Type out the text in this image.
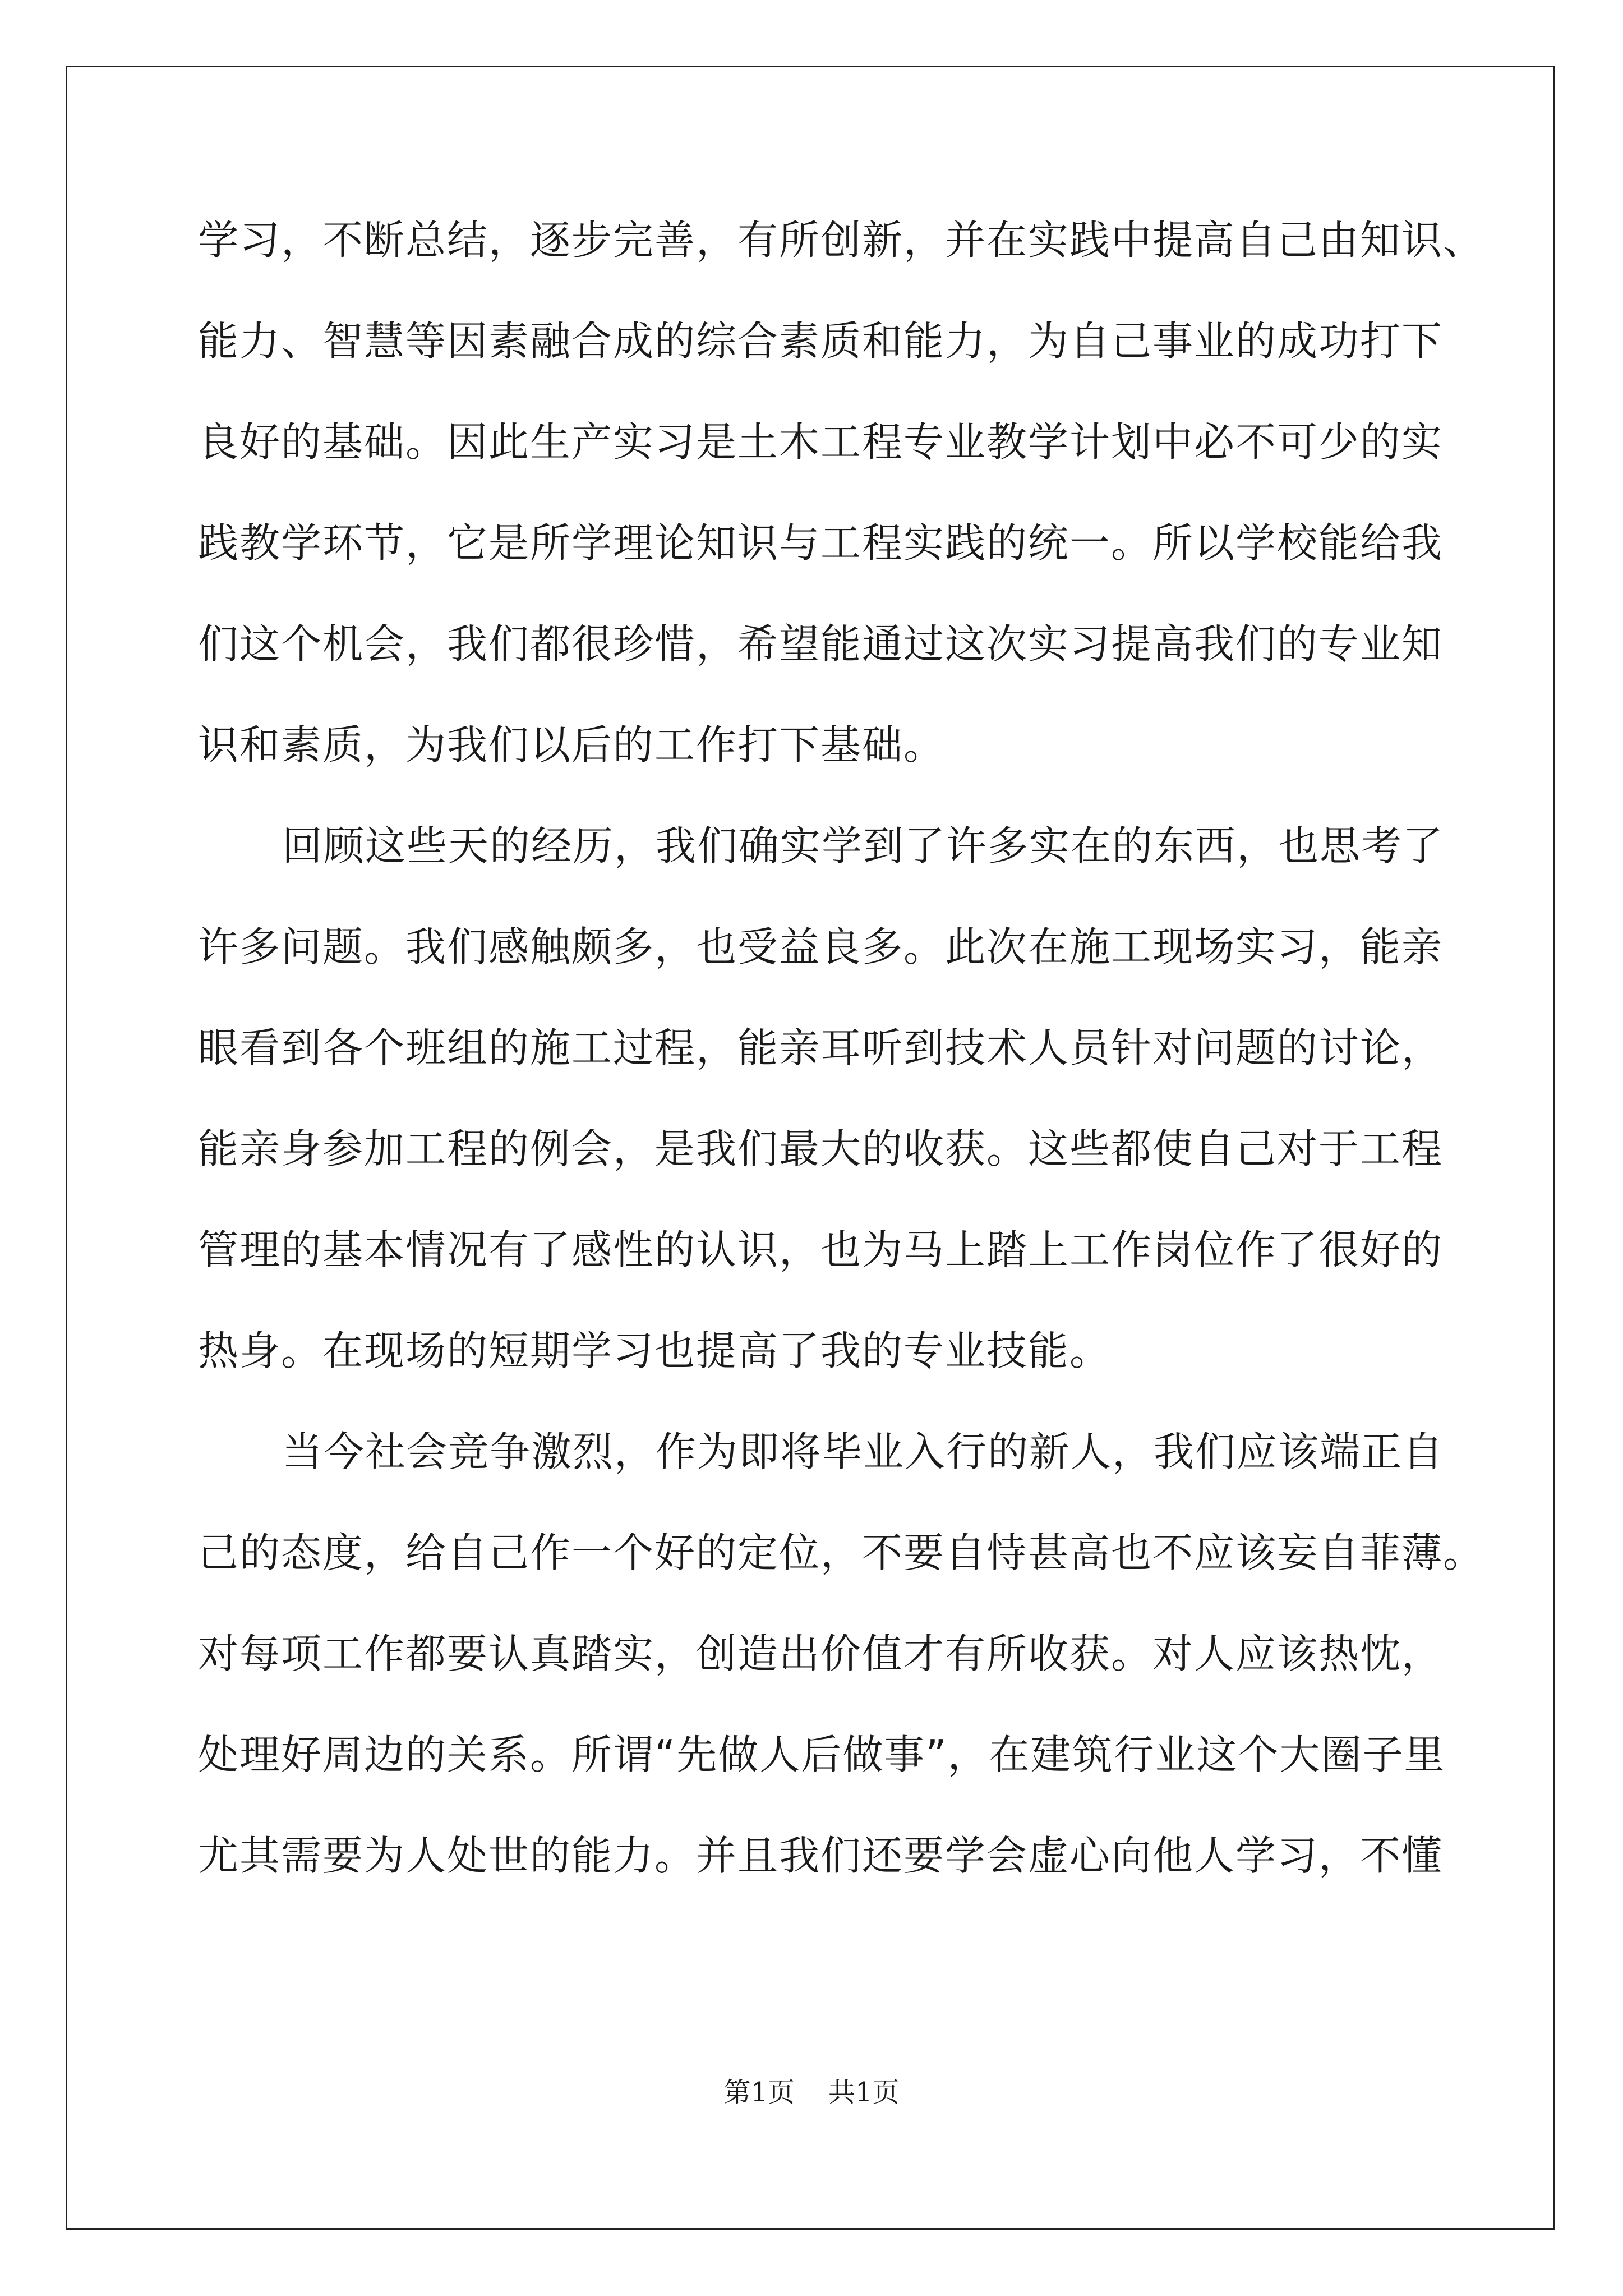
学习，不断总结，逐步完善，有所创新，并在实践中提高自己由知识、
能力、智慧等因素融合成的综合素质和能力，为自己事业的成功打下
良好的基础。因此生产实习是土木工程专业教学计划中必不可少的实
践教学环节，它是所学理论知识与工程实践的统一。所以学校能给我
们这个机会，我们都很珍惜，希望能通过这次实习提高我们的专业知
识和素质，为我们以后的工作打下基础。
回顾这些天的经历，我们确实学到了许多实在的东西，也思考了
许多问题。我们感触颇多，也受益良多。此次在施工现场实习，能亲
眼看到各个班组的施工过程，能亲耳听到技术人员针对问题的讨论，
能亲身参加工程的例会，是我们最大的收获。这些都使自己对于工程
管理的基本情况有了感性的认识，也为马上踏上工作岗位作了很好的
热身。在现场的短期学习也提高了我的专业技能。
当今社会竞争激烈，作为即将毕业入行的新人，我们应该端正自
己的态度，给自己作一个好的定位，不要自恃甚高也不应该妄自菲薄。
对每项工作都要认真踏实，创造出价值才有所收获。对人应该热忱，
处理好周边的关系。所谓“先做人后做事”，在建筑行业这个大圈子里
尤其需要为人处世的能力。并且我们还要学会虚心向他人学习，不懂
第1页 共1页
